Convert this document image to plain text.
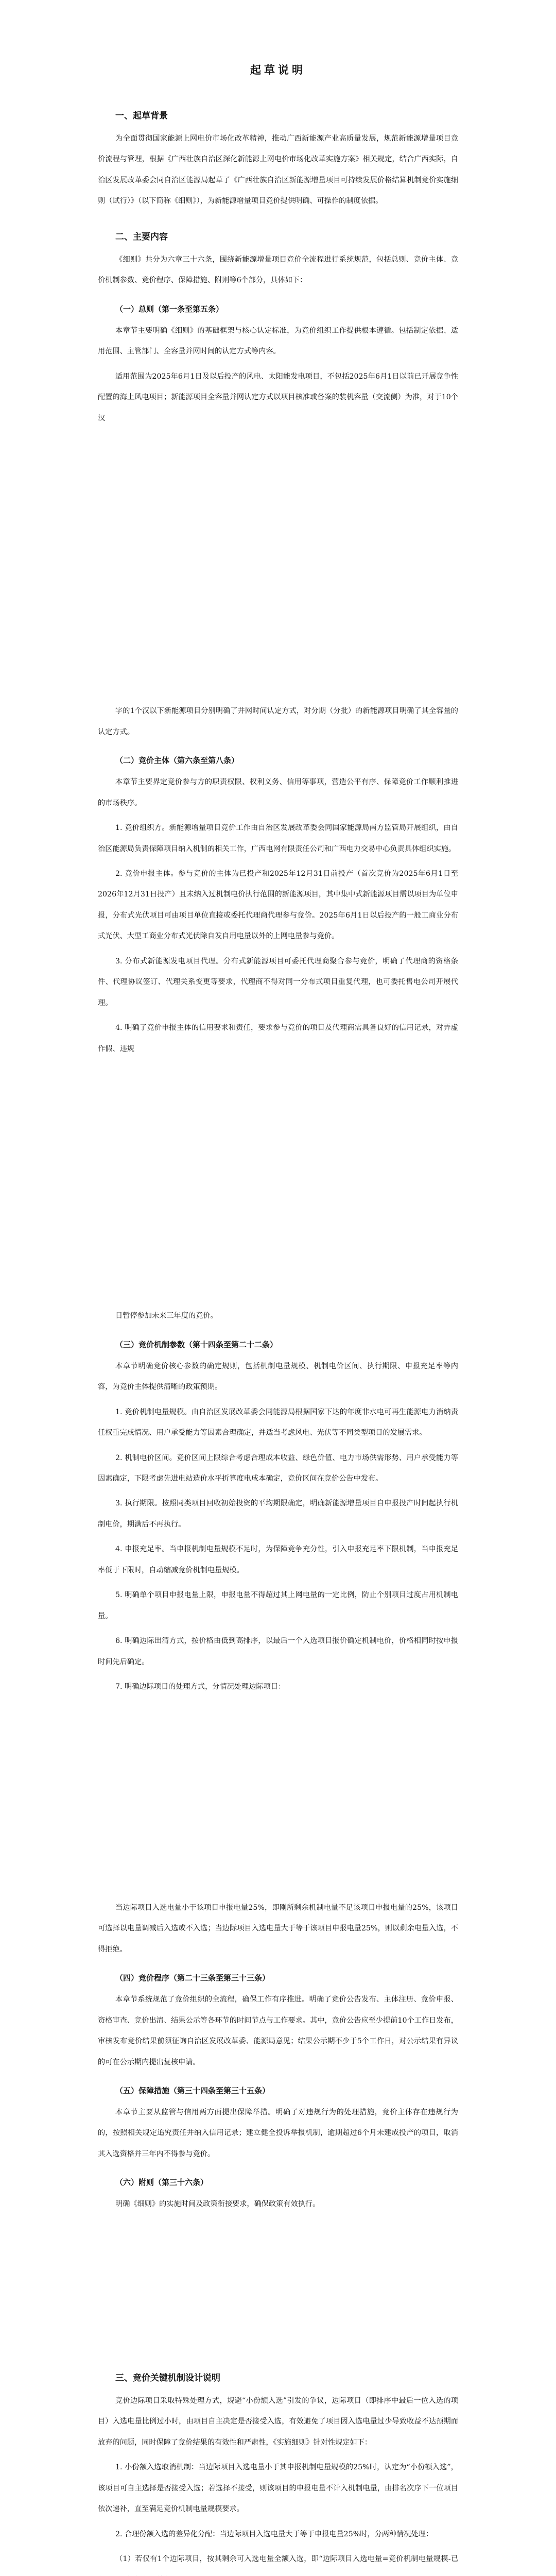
起草说明
一、起草背景

为全面贯彻国家能源上网电价市场化改革精神，推动广西新能源产业高质量发展，规范新能源增量项目竞价流程与管理，根据《广西壮族自治区深化新能源上网电价市场化改革实施方案》相关规定，结合广西实际，自治区发展改革委会同自治区能源局起草了《广西壮族自治区新能源增量项目可持续发展价格结算机制竞价实施细则（试行）》（以下简称《细则》），为新能源增量项目竞价提供明确、可操作的制度依据。

二、主要内容

《细则》共分为六章三十六条，围绕新能源增量项目竞价全流程进行系统规范，包括总则、竞价主体、竞价机制参数、竞价程序、保障措施、附则等6个部分，具体如下：

（一）总则（第一条至第五条）

本章节主要明确《细则》的基础框架与核心认定标准，为竞价组织工作提供根本遵循。包括制定依据、适用范围、主管部门、全容量并网时间的认定方式等内容。

适用范围为2025年6月1日及以后投产的风电、太阳能发电项目，不包括2025年6月1日以前已开展竞争性配置的海上风电项目；新能源项目全容量并网认定方式以项目核准或备案的装机容量（交流侧）为准，对于10个汉

字的1个汉以下新能源项目分别明确了并网时间认定方式，对分期（分批）的新能源项目明确了其全容量的认定方式。

（二）竞价主体（第六条至第八条）

本章节主要界定竞价参与方的职责权限、权利义务、信用等事项，营造公平有序、保障竞价工作顺利推进的市场秩序。

1. 竞价组织方。新能源增量项目竞价工作由自治区发展改革委会同国家能源局南方监管局开展组织，由自治区能源局负责保障项目纳入机制的相关工作，广西电网有限责任公司和广西电力交易中心负责具体组织实施。

2. 竞价申报主体。参与竞价的主体为已投产和2025年12月31日前投产（首次竞价为2025年6月1日至2026年12月31日投产）且未纳入过机制电价执行范围的新能源项目，其中集中式新能源项目需以项目为单位申报，分布式光伏项目可由项目单位直接或委托代理商代理参与竞价。2025年6月1日以后投产的一般工商业分布式光伏、大型工商业分布式光伏除自发自用电量以外的上网电量参与竞价。

3. 分布式新能源发电项目代理。分布式新能源项目可委托代理商聚合参与竞价，明确了代理商的资格条件、代理协议签订、代理关系变更等要求，代理商不得对同一分布式项目重复代理，也可委托售电公司开展代理。

4. 明确了竞价申报主体的信用要求和责任，要求参与竞价的项目及代理商需具备良好的信用记录，对弄虚作假、违规

日暂停参加未来三年度的竞价。

（三）竞价机制参数（第十四条至第二十二条）

本章节明确竞价核心参数的确定规则，包括机制电量规模、机制电价区间、执行期限、申报充足率等内容，为竞价主体提供清晰的政策预期。

1. 竞价机制电量规模。由自治区发展改革委会同能源局根据国家下达的年度非水电可再生能源电力消纳责任权重完成情况、用户承受能力等因素合理确定，并适当考虑风电、光伏等不同类型项目的发展需求。

2. 机制电价区间。竞价区间上限综合考虑合理成本收益、绿色价值、电力市场供需形势、用户承受能力等因素确定，下限考虑先进电站造价水平折算度电成本确定，竞价区间在竞价公告中发布。

3. 执行期限。按照同类项目回收初始投资的平均期限确定，明确新能源增量项目自申报投产时间起执行机制电价，期满后不再执行。

4. 申报充足率。当申报机制电量规模不足时，为保障竞争充分性，引入申报充足率下限机制，当申报充足率低于下限时，自动缩减竞价机制电量规模。

5. 明确单个项目申报电量上限，申报电量不得超过其上网电量的一定比例，防止个别项目过度占用机制电量。

6. 明确边际出清方式，按价格由低到高排序，以最后一个入选项目报价确定机制电价，价格相同时按申报时间先后确定。

7. 明确边际项目的处理方式，分情况处理边际项目：

当边际项目入选电量小于该项目申报电量25%，即刚所剩余机制电量不足该项目申报电量的25%，该项目可选择以电量调减后入选或不入选；当边际项目入选电量大于等于该项目申报电量25%，则以剩余电量入选，不得拒绝。

（四）竞价程序（第二十三条至第三十三条）

本章节系统规范了竞价组织的全流程，确保工作有序推进。明确了竞价公告发布、主体注册、竞价申报、资格审查、竞价出清、结果公示等各环节的时间节点与工作要求。其中，竞价公告应至少提前10个工作日发布，审核发布竞价结果前须征询自治区发展改革委、能源局意见；结果公示期不少于5个工作日，对公示结果有异议的可在公示期内提出复核申请。

（五）保障措施（第三十四条至第三十五条）

本章节主要从监管与信用两方面提出保障举措。明确了对违规行为的处理措施，竞价主体存在违规行为的，按照相关规定追究责任并纳入信用记录；建立健全投诉举报机制，逾期超过6个月未建成投产的项目，取消其入选资格并三年内不得参与竞价。

（六）附则（第三十六条）

明确《细则》的实施时间及政策衔接要求，确保政策有效执行。

三、竞价关键机制设计说明

竞价边际项目采取特殊处理方式，规避“小份额入选”引发的争议，边际项目（即排序中最后一位入选的项目）入选电量比例过小时，由项目自主决定是否接受入选，有效避免了项目因入选电量过少导致收益不达预期而放弃的问题，同时保障了竞价结果的有效性和严肃性，《实施细则》针对性规定如下：

1. 小份额入选取消机制：当边际项目入选电量小于其申报机制电量规模的25%时，认定为“小份额入选”，该项目可自主选择是否接受入选；若选择不接受，则该项目的申报电量不计入机制电量，由排名次序下一位项目依次递补，直至满足竞价机制电量规模要求。

2. 合理份额入选的差异化分配：当边际项目入选电量大于等于申报电量25%时，分两种情况处理：

（1）若仅有1个边际项目，按其剩余可入选电量全额入选，即“边际项目入选电量=竞价机制电量规模-已
